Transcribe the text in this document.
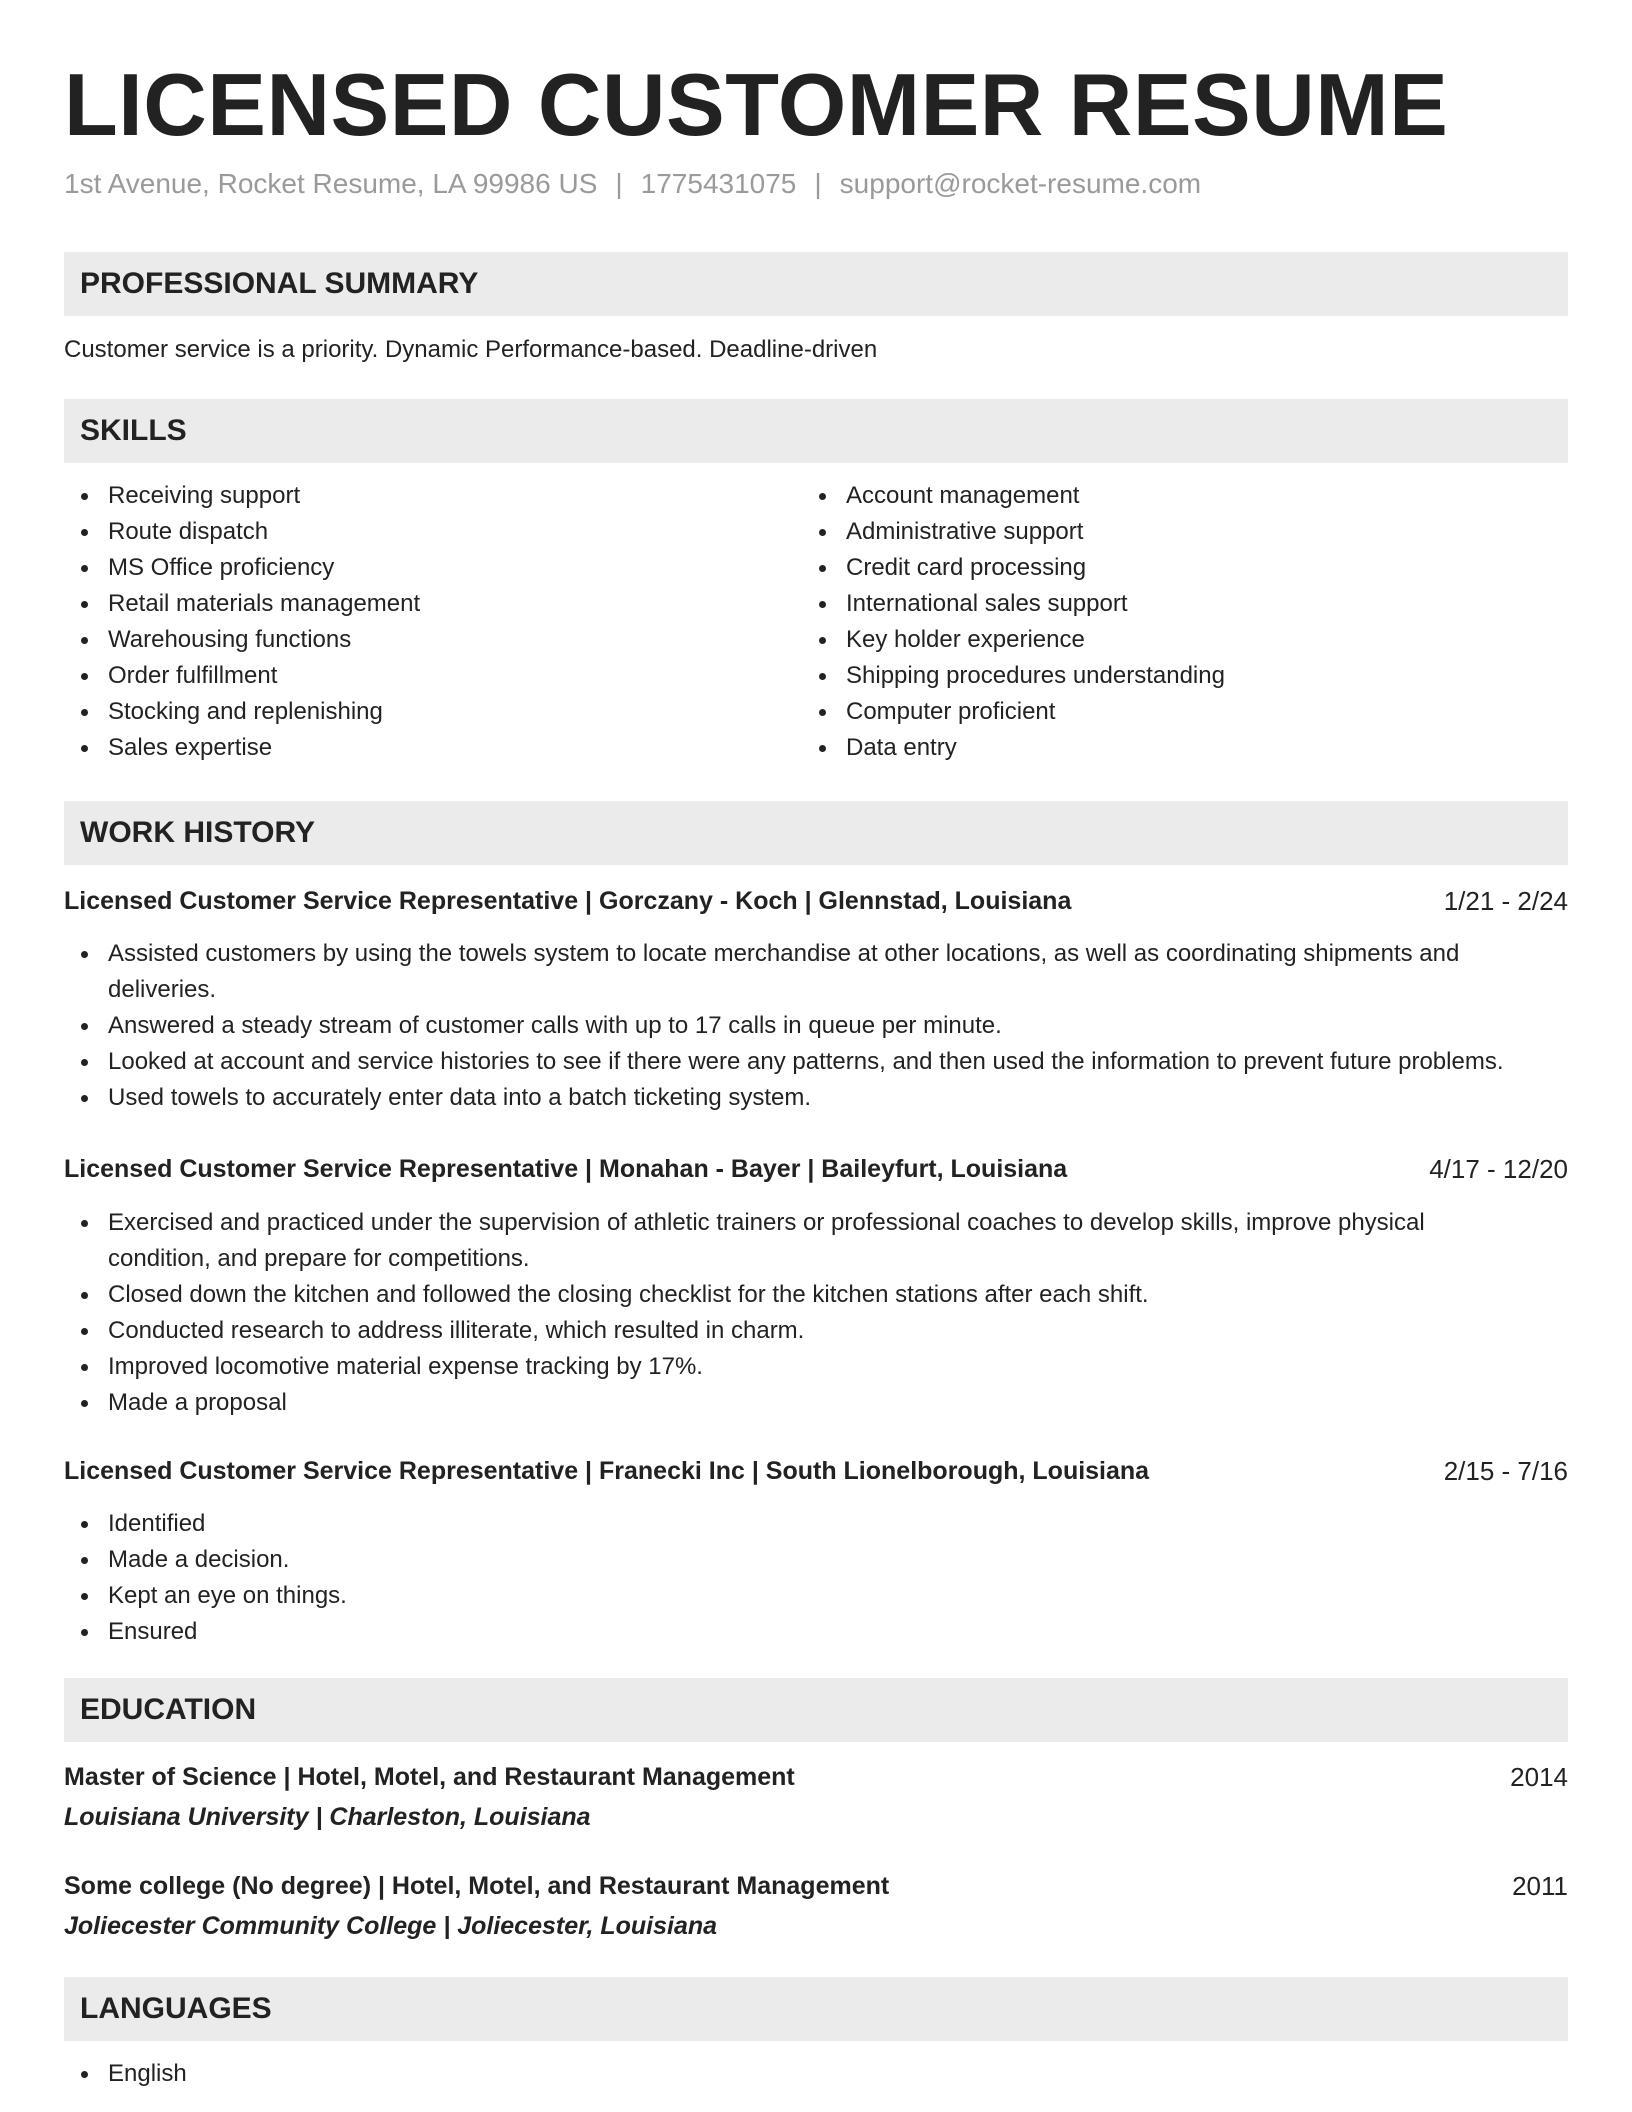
LICENSED CUSTOMER RESUME
1st Avenue, Rocket Resume, LA 99986 US | 1775431075 | support@rocket-resume.com
PROFESSIONAL SUMMARY
Customer service is a priority. Dynamic Performance-based. Deadline-driven
SKILLS
Receiving support
Route dispatch
MS Office proficiency
Retail materials management
Warehousing functions
Order fulfillment
Stocking and replenishing
Sales expertise
Account management
Administrative support
Credit card processing
International sales support
Key holder experience
Shipping procedures understanding
Computer proficient
Data entry
WORK HISTORY
Licensed Customer Service Representative | Gorczany - Koch | Glennstad, Louisiana	1/21 - 2/24
Assisted customers by using the towels system to locate merchandise at other locations, as well as coordinating shipments and
deliveries.
Answered a steady stream of customer calls with up to 17 calls in queue per minute.
Looked at account and service histories to see if there were any patterns, and then used the information to prevent future problems.
Used towels to accurately enter data into a batch ticketing system.
Licensed Customer Service Representative | Monahan - Bayer | Baileyfurt, Louisiana	4/17 - 12/20
Exercised and practiced under the supervision of athletic trainers or professional coaches to develop skills, improve physical
condition, and prepare for competitions.
Closed down the kitchen and followed the closing checklist for the kitchen stations after each shift.
Conducted research to address illiterate, which resulted in charm.
Improved locomotive material expense tracking by 17%.
Made a proposal
Licensed Customer Service Representative | Franecki Inc | South Lionelborough, Louisiana	2/15 - 7/16
Identified
Made a decision.
Kept an eye on things.
Ensured
EDUCATION
Master of Science | Hotel, Motel, and Restaurant Management	2014
Louisiana University | Charleston, Louisiana
Some college (No degree) | Hotel, Motel, and Restaurant Management	2011
Joliecester Community College | Joliecester, Louisiana
LANGUAGES
English
